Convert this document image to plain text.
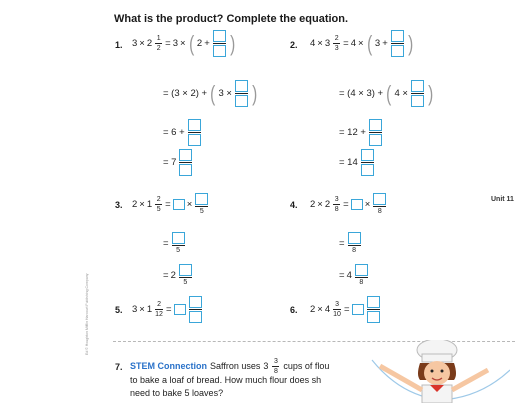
What is the product? Complete the equation.
Unit 11
1. $3 \times 2 \frac{1}{2} = 3$ × ( 2 + )
= (3 × 2) + ( 3 × )
= 6 +
= 7
2. $4 \times 3 \frac{2}{3} = 4$ × ( 3 + )
= (4 × 3) + ( 4 × )
= 12 +
= 14
3. $2 \times 1 \frac{2}{5}$ = ×
5
=
5
= 2
5
4. $2 \times 2 \frac{3}{8}$ = ×
8
=
8
= 4
8
5. $3 \times 1 \frac{2}{12}$ =	6. $2 \times 4 \frac{3}{10}$ =
Ed © Houghton Mifflin Harcourt Publishing Company
7. STEM Connection Saffron uses $3 \frac{3}{8}$ cups of flou
to bake a loaf of bread. How much flour does sh
need to bake 5 loaves?
